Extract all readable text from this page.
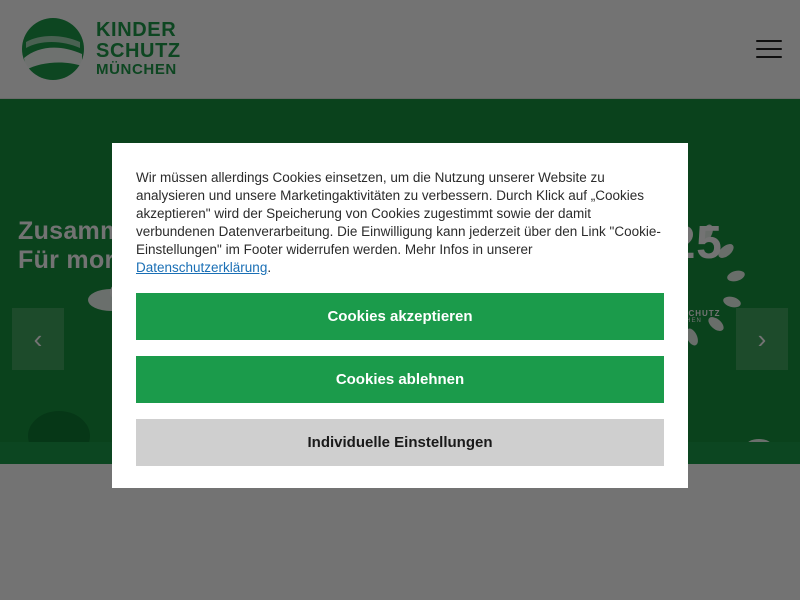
Wir müssen allerdings Cookies einsetzen, um die Nutzung unserer Website zu analysieren und unsere Marketingaktivitäten zu verbessern. Durch Klick auf „Cookies akzeptieren" wird der Speicherung von Cookies zugestimmt sowie der damit verbundenen Datenverarbeitung. Die Einwilligung kann jederzeit über den Link "Cookie-Einstellungen" im Footer widerrufen werden. Mehr Infos in unserer Datenschutzerklärung.
Cookies akzeptieren
Cookies ablehnen
Individuelle Einstellungen
